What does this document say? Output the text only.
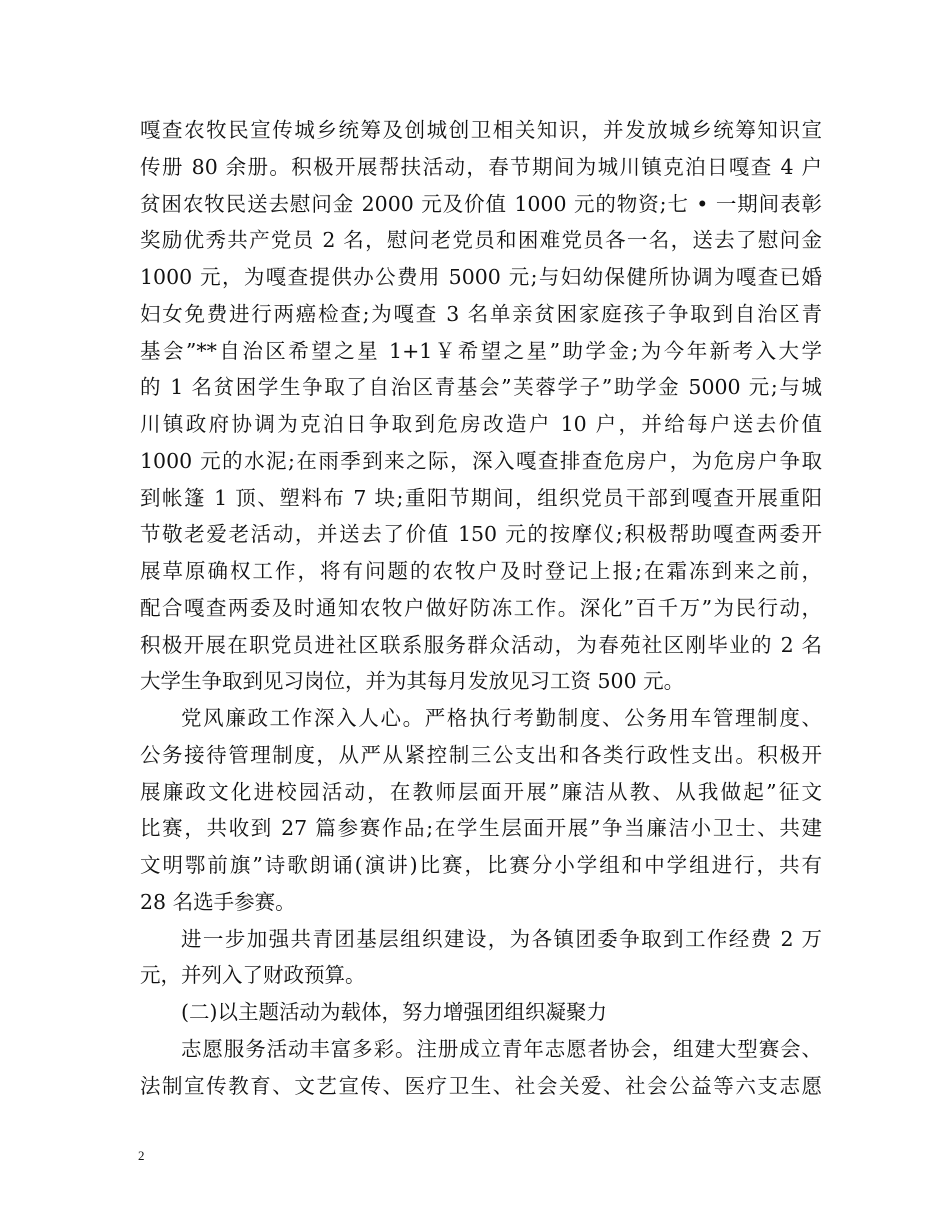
嘎查农牧民宣传城乡统筹及创城创卫相关知识，并发放城乡统筹知识宣
传册 80 余册。积极开展帮扶活动，春节期间为城川镇克泊日嘎查 4 户
贫困农牧民送去慰问金 2000 元及价值 1000 元的物资;七 • 一期间表彰
奖励优秀共产党员 2 名，慰问老党员和困难党员各一名，送去了慰问金
1000 元，为嘎查提供办公费用 5000 元;与妇幼保健所协调为嘎查已婚
妇女免费进行两癌检查;为嘎查 3 名单亲贫困家庭孩子争取到自治区青
基会”**自治区希望之星 1+1￥希望之星”助学金;为今年新考入大学
的 1 名贫困学生争取了自治区青基会”芙蓉学子”助学金 5000 元;与城
川镇政府协调为克泊日争取到危房改造户 10 户，并给每户送去价值
1000 元的水泥;在雨季到来之际，深入嘎查排查危房户，为危房户争取
到帐篷 1 顶、塑料布 7 块;重阳节期间，组织党员干部到嘎查开展重阳
节敬老爱老活动，并送去了价值 150 元的按摩仪;积极帮助嘎查两委开
展草原确权工作，将有问题的农牧户及时登记上报;在霜冻到来之前，
配合嘎查两委及时通知农牧户做好防冻工作。深化”百千万”为民行动，
积极开展在职党员进社区联系服务群众活动，为春苑社区刚毕业的 2 名
大学生争取到见习岗位，并为其每月发放见习工资 500 元。
党风廉政工作深入人心。严格执行考勤制度、公务用车管理制度、
公务接待管理制度，从严从紧控制三公支出和各类行政性支出。积极开
展廉政文化进校园活动，在教师层面开展”廉洁从教、从我做起”征文
比赛，共收到 27 篇参赛作品;在学生层面开展”争当廉洁小卫士、共建
文明鄂前旗”诗歌朗诵(演讲)比赛，比赛分小学组和中学组进行，共有
28 名选手参赛。
进一步加强共青团基层组织建设，为各镇团委争取到工作经费 2 万
元，并列入了财政预算。
(二)以主题活动为载体，努力增强团组织凝聚力
志愿服务活动丰富多彩。注册成立青年志愿者协会，组建大型赛会、
法制宣传教育、文艺宣传、医疗卫生、社会关爱、社会公益等六支志愿
2
